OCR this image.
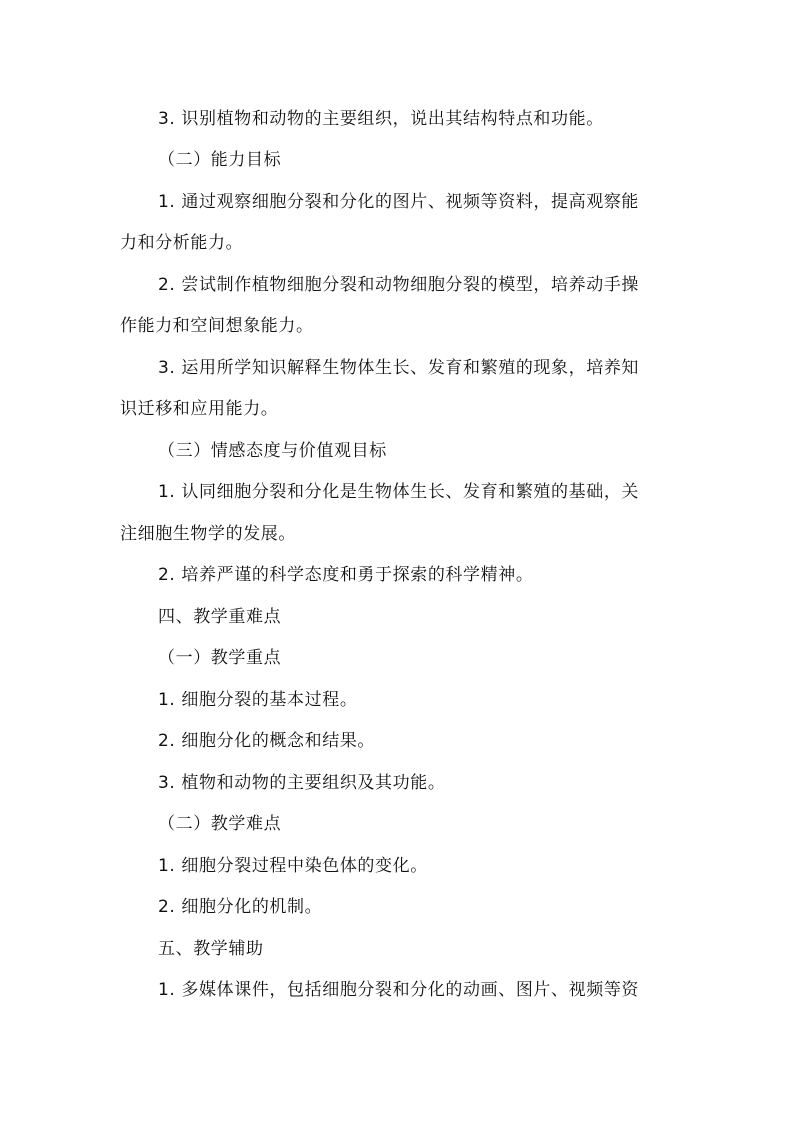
3. 识别植物和动物的主要组织，说出其结构特点和功能。
（二）能力目标
1. 通过观察细胞分裂和分化的图片、视频等资料，提高观察能
力和分析能力。
2. 尝试制作植物细胞分裂和动物细胞分裂的模型，培养动手操
作能力和空间想象能力。
3. 运用所学知识解释生物体生长、发育和繁殖的现象，培养知
识迁移和应用能力。
（三）情感态度与价值观目标
1. 认同细胞分裂和分化是生物体生长、发育和繁殖的基础，关
注细胞生物学的发展。
2. 培养严谨的科学态度和勇于探索的科学精神。
四、教学重难点
（一）教学重点
1. 细胞分裂的基本过程。
2. 细胞分化的概念和结果。
3. 植物和动物的主要组织及其功能。
（二）教学难点
1. 细胞分裂过程中染色体的变化。
2. 细胞分化的机制。
五、教学辅助
1. 多媒体课件，包括细胞分裂和分化的动画、图片、视频等资
